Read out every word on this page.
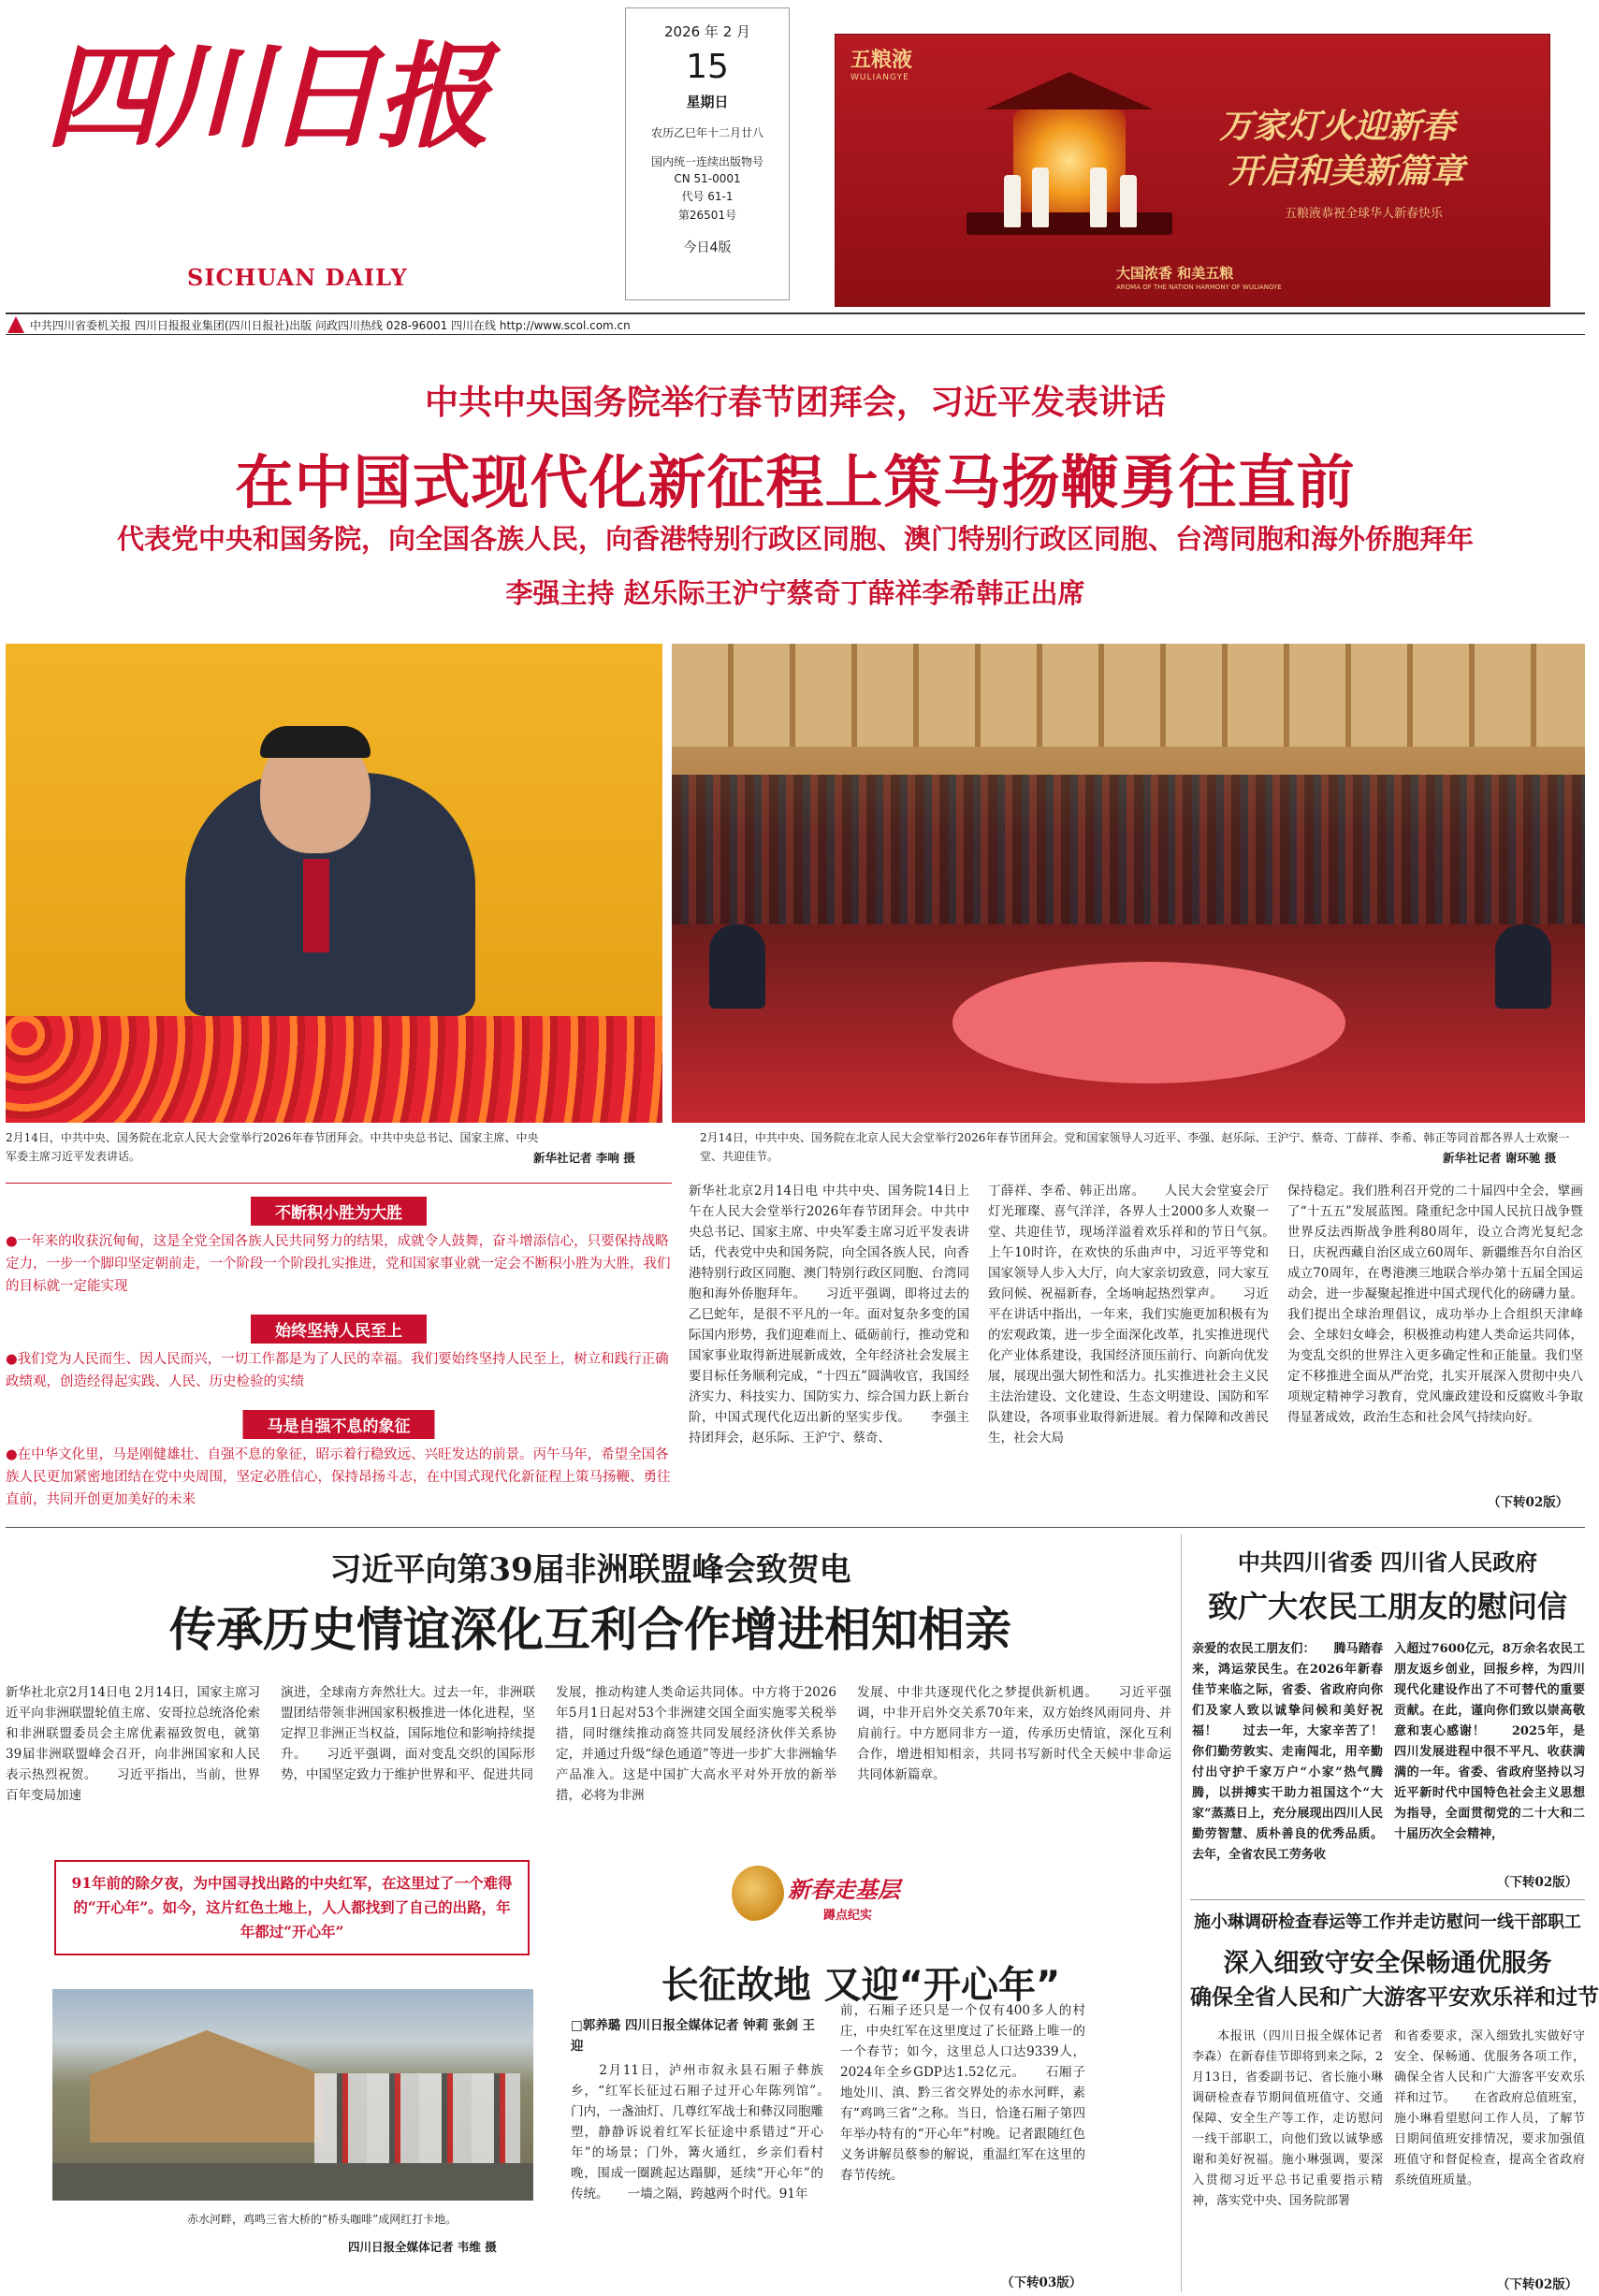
四川日报
SICHUAN DAILY
2026 年 2 月
15
星期日
农历乙巳年十二月廿八
国内统一连续出版物号
CN 51-0001
代号 61-1
第26501号
今日4版
五粮液
WULIANGYE
万家灯火迎新春
开启和美新篇章
五粮液恭祝全球华人新春快乐
大国浓香 和美五粮
AROMA OF THE NATION HARMONY OF WULIANGYE
中共四川省委机关报 四川日报报业集团(四川日报社)出版 问政四川热线 028-96001 四川在线 http://www.scol.com.cn
中共中央国务院举行春节团拜会，习近平发表讲话
在中国式现代化新征程上策马扬鞭勇往直前
代表党中央和国务院，向全国各族人民，向香港特别行政区同胞、澳门特别行政区同胞、台湾同胞和海外侨胞拜年
李强主持 赵乐际王沪宁蔡奇丁薛祥李希韩正出席
2月14日，中共中央、国务院在北京人民大会堂举行2026年春节团拜会。中共中央总书记、国家主席、中央军委主席习近平发表讲话。	新华社记者 李响 摄
2月14日，中共中央、国务院在北京人民大会堂举行2026年春节团拜会。党和国家领导人习近平、李强、赵乐际、王沪宁、蔡奇、丁薛祥、李希、韩正等同首都各界人士欢聚一堂、共迎佳节。	新华社记者 谢环驰 摄
不断积小胜为大胜
●一年来的收获沉甸甸，这是全党全国各族人民共同努力的结果，成就令人鼓舞，奋斗增添信心，只要保持战略定力，一步一个脚印坚定朝前走，一个阶段一个阶段扎实推进，党和国家事业就一定会不断积小胜为大胜，我们的目标就一定能实现
始终坚持人民至上
●我们党为人民而生、因人民而兴，一切工作都是为了人民的幸福。我们要始终坚持人民至上，树立和践行正确政绩观，创造经得起实践、人民、历史检验的实绩
马是自强不息的象征
●在中华文化里，马是刚健雄壮、自强不息的象征，昭示着行稳致远、兴旺发达的前景。丙午马年，希望全国各族人民更加紧密地团结在党中央周围，坚定必胜信心，保持昂扬斗志，在中国式现代化新征程上策马扬鞭、勇往直前，共同开创更加美好的未来
新华社北京2月14日电 中共中央、国务院14日上午在人民大会堂举行2026年春节团拜会。中共中央总书记、国家主席、中央军委主席习近平发表讲话，代表党中央和国务院，向全国各族人民，向香港特别行政区同胞、澳门特别行政区同胞、台湾同胞和海外侨胞拜年。　　习近平强调，即将过去的乙巳蛇年，是很不平凡的一年。面对复杂多变的国际国内形势，我们迎难而上、砥砺前行，推动党和国家事业取得新进展新成效，全年经济社会发展主要目标任务顺利完成，“十四五”圆满收官，我国经济实力、科技实力、国防实力、综合国力跃上新台阶，中国式现代化迈出新的坚实步伐。　　李强主持团拜会，赵乐际、王沪宁、蔡奇、
丁薛祥、李希、韩正出席。　　人民大会堂宴会厅灯光璀璨、喜气洋洋，各界人士2000多人欢聚一堂、共迎佳节，现场洋溢着欢乐祥和的节日气氛。　　上午10时许，在欢快的乐曲声中，习近平等党和国家领导人步入大厅，向大家亲切致意，同大家互致问候、祝福新春，全场响起热烈掌声。　　习近平在讲话中指出，一年来，我们实施更加积极有为的宏观政策，进一步全面深化改革，扎实推进现代化产业体系建设，我国经济顶压前行、向新向优发展，展现出强大韧性和活力。扎实推进社会主义民主法治建设、文化建设、生态文明建设、国防和军队建设，各项事业取得新进展。着力保障和改善民生，社会大局
保持稳定。我们胜利召开党的二十届四中全会，擘画了“十五五”发展蓝图。隆重纪念中国人民抗日战争暨世界反法西斯战争胜利80周年，设立合湾光复纪念日，庆祝西藏自治区成立60周年、新疆维吾尔自治区成立70周年，在粤港澳三地联合举办第十五届全国运动会，进一步凝聚起推进中国式现代化的磅礴力量。我们提出全球治理倡议，成功举办上合组织天津峰会、全球妇女峰会，积极推动构建人类命运共同体，为变乱交织的世界注入更多确定性和正能量。我们坚定不移推进全面从严治党，扎实开展深入贯彻中央八项规定精神学习教育，党风廉政建设和反腐败斗争取得显著成效，政治生态和社会风气持续向好。
（下转02版）
习近平向第39届非洲联盟峰会致贺电
传承历史情谊深化互利合作增进相知相亲
新华社北京2月14日电 2月14日，国家主席习近平向非洲联盟轮值主席、安哥拉总统洛伦索和非洲联盟委员会主席优素福致贺电，就第39届非洲联盟峰会召开，向非洲国家和人民表示热烈祝贺。　　习近平指出，当前，世界百年变局加速
演进，全球南方奔然壮大。过去一年，非洲联盟团结带领非洲国家积极推进一体化进程，坚定捍卫非洲正当权益，国际地位和影响持续提升。　　习近平强调，面对变乱交织的国际形势，中国坚定致力于维护世界和平、促进共同
发展，推动构建人类命运共同体。中方将于2026年5月1日起对53个非洲建交国全面实施零关税举措，同时继续推动商签共同发展经济伙伴关系协定，并通过升级“绿色通道”等进一步扩大非洲输华产品准入。这是中国扩大高水平对外开放的新举措，必将为非洲
发展、中非共逐现代化之梦提供新机遇。　　习近平强调，中非开启外交关系70年来，双方始终风雨同舟、并肩前行。中方愿同非方一道，传承历史情谊，深化互利合作，增进相知相亲，共同书写新时代全天候中非命运共同体新篇章。
中共四川省委 四川省人民政府
致广大农民工朋友的慰问信
亲爱的农民工朋友们：　　腾马踏春来，鸿运荥民生。在2026年新春佳节来临之际，省委、省政府向你们及家人致以诚挚问候和美好祝福！　　过去一年，大家辛苦了！你们勤劳敦实、走南闯北，用辛勤付出守护千家万户“小家”热气腾腾，以拼搏实干助力祖国这个“大家”蒸蒸日上，充分展现出四川人民勤劳智慧、质朴善良的优秀品质。去年，全省农民工劳务收
入超过7600亿元，8万余名农民工朋友返乡创业，回报乡梓，为四川现代化建设作出了不可替代的重要贡献。在此，谨向你们致以崇高敬意和衷心感谢！　　2025年，是四川发展进程中很不平凡、收获满满的一年。省委、省政府坚持以习近平新时代中国特色社会主义思想为指导，全面贯彻党的二十大和二十届历次全会精神，
（下转02版）
施小琳调研检查春运等工作并走访慰问一线干部职工
深入细致守安全保畅通优服务
确保全省人民和广大游客平安欢乐祥和过节
　　本报讯（四川日报全媒体记者 李森）在新春佳节即将到来之际，2月13日，省委副书记、省长施小琳调研检查春节期间值班值守、交通保障、安全生产等工作，走访慰问一线干部职工，向他们致以诚挚感谢和美好祝福。施小琳强调，要深入贯彻习近平总书记重要指示精神，落实党中央、国务院部署
和省委要求，深入细致扎实做好守安全、保畅通、优服务各项工作，确保全省人民和广大游客平安欢乐祥和过节。　　在省政府总值班室，施小琳看望慰问工作人员，了解节日期间值班安排情况，要求加强值班值守和督促检查，提高全省政府系统值班质量。
（下转02版）
91年前的除夕夜，为中国寻找出路的中央红军，在这里过了一个难得的“开心年”。如今，这片红色土地上，人人都找到了自己的出路，年年都过“开心年”
新春走基层
蹲点纪实
长征故地 又迎“开心年”
赤水河畔，鸡鸣三省大桥的“桥头咖啡”成网红打卡地。
四川日报全媒体记者 韦维 摄
□郭养璐 四川日报全媒体记者 钟莉 张剑 王迎
　　2月11日，泸州市叙永县石厢子彝族乡，“红军长征过石厢子过开心年陈列馆”。　　门内，一盏油灯、几尊红军战士和彝汉同胞雕塑，静静诉说着红军长征途中系错过“开心年”的场景；门外，篝火通红，乡亲们看村晚，围成一圈跳起达蹋脚，延续“开心年”的传统。　　一墙之隔，跨越两个时代。91年
前，石厢子还只是一个仅有400多人的村庄，中央红军在这里度过了长征路上唯一的一个春节；如今，这里总人口达9339人，2024年全乡GDP达1.52亿元。　　石厢子地处川、滇、黔三省交界处的赤水河畔，素有“鸡鸣三省”之称。当日，恰逢石厢子第四年举办特有的“开心年”村晚。记者跟随红色义务讲解员蔡参的解说，重温红军在这里的春节传统。
（下转03版）
